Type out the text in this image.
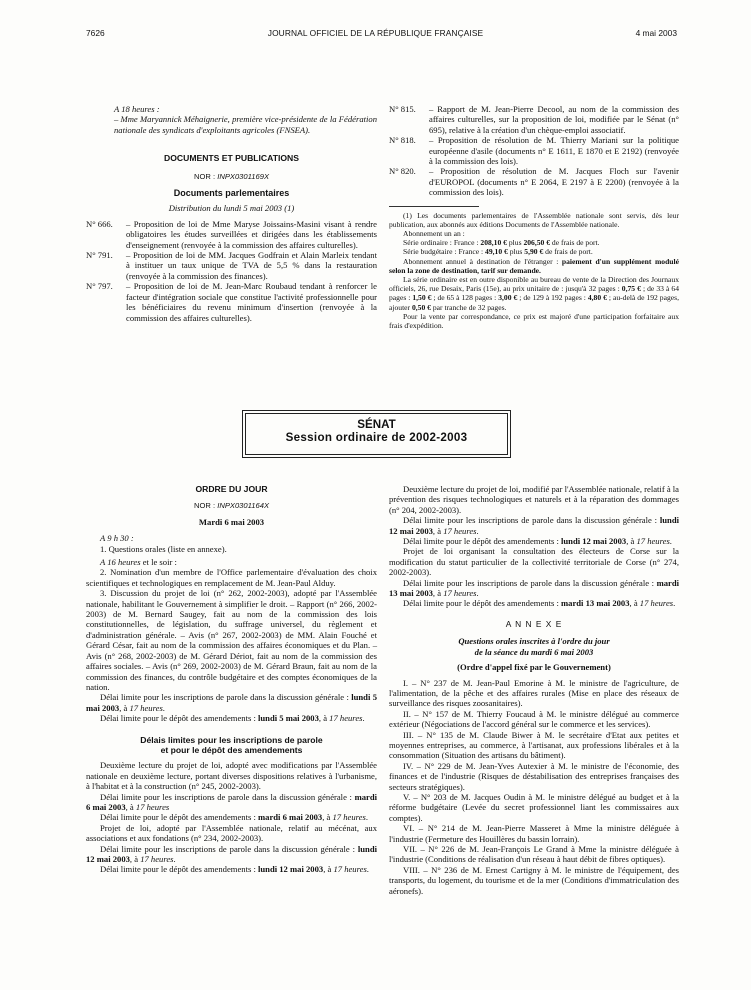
7626	JOURNAL OFFICIEL DE LA RÉPUBLIQUE FRANÇAISE	4 mai 2003

A 18 heures :

– Mme Maryannick Méhaignerie, première vice-présidente de la Fédération nationale des syndicats d'exploitants agricoles (FNSEA).

DOCUMENTS ET PUBLICATIONS

NOR : INPX0301169X

Documents parlementaires

Distribution du lundi 5 mai 2003 (1)

N° 666.	– Proposition de loi de Mme Maryse Joissains-Masini visant à rendre obligatoires les études surveillées et dirigées dans les établissements d'enseignement (renvoyée à la commission des affaires culturelles).
N° 791.	– Proposition de loi de MM. Jacques Godfrain et Alain Marleix tendant à instituer un taux unique de TVA de 5,5 % dans la restauration (renvoyée à la commission des finances).
N° 797.	– Proposition de loi de M. Jean-Marc Roubaud tendant à renforcer le facteur d'intégration sociale que constitue l'activité professionnelle pour les bénéficiaires du revenu minimum d'insertion (renvoyée à la commission des affaires culturelles).
N° 815.	– Rapport de M. Jean-Pierre Decool, au nom de la commission des affaires culturelles, sur la proposition de loi, modifiée par le Sénat (n° 695), relative à la création d'un chèque-emploi associatif.
N° 818.	– Proposition de résolution de M. Thierry Mariani sur la politique européenne d'asile (documents n° E 1611, E 1870 et E 2192) (renvoyée à la commission des lois).
N° 820.	– Proposition de résolution de M. Jacques Floch sur l'avenir d'EUROPOL (documents n° E 2064, E 2197 à E 2200) (renvoyée à la commission des lois).

(1) Les documents parlementaires de l'Assemblée nationale sont servis, dès leur publication, aux abonnés aux éditions Documents de l'Assemblée nationale.

Abonnement un an :

Série ordinaire : France : 208,10 € plus 206,50 € de frais de port.

Série budgétaire : France : 49,10 € plus 5,90 € de frais de port.

Abonnement annuel à destination de l'étranger : paiement d'un supplément modulé selon la zone de destination, tarif sur demande.

La série ordinaire est en outre disponible au bureau de vente de la Direction des Journaux officiels, 26, rue Desaix, Paris (15e), au prix unitaire de : jusqu'à 32 pages : 0,75 € ; de 33 à 64 pages : 1,50 € ; de 65 à 128 pages : 3,00 € ; de 129 à 192 pages : 4,80 € ; au-delà de 192 pages, ajouter 0,50 € par tranche de 32 pages.

Pour la vente par correspondance, ce prix est majoré d'une participation forfaitaire aux frais d'expédition.

SÉNAT
Session ordinaire de 2002-2003

ORDRE DU JOUR

NOR : INPX0301164X

Mardi 6 mai 2003

A 9 h 30 :

1. Questions orales (liste en annexe).

A 16 heures et le soir :

2. Nomination d'un membre de l'Office parlementaire d'évaluation des choix scientifiques et technologiques en remplacement de M. Jean-Paul Alduy.

3. Discussion du projet de loi (n° 262, 2002-2003), adopté par l'Assemblée nationale, habilitant le Gouvernement à simplifier le droit. – Rapport (n° 266, 2002-2003) de M. Bernard Saugey, fait au nom de la commission des lois constitutionnelles, de législation, du suffrage universel, du règlement et d'administration générale. – Avis (n° 267, 2002-2003) de MM. Alain Fouché et Gérard César, fait au nom de la commission des affaires économiques et du Plan. – Avis (n° 268, 2002-2003) de M. Gérard Dériot, fait au nom de la commission des affaires sociales. – Avis (n° 269, 2002-2003) de M. Gérard Braun, fait au nom de la commission des finances, du contrôle budgétaire et des comptes économiques de la nation.

Délai limite pour les inscriptions de parole dans la discussion générale : lundi 5 mai 2003, à 17 heures.

Délai limite pour le dépôt des amendements : lundi 5 mai 2003, à 17 heures.

Délais limites pour les inscriptions de parole
et pour le dépôt des amendements

Deuxième lecture du projet de loi, adopté avec modifications par l'Assemblée nationale en deuxième lecture, portant diverses dispositions relatives à l'urbanisme, à l'habitat et à la construction (n° 245, 2002-2003).

Délai limite pour les inscriptions de parole dans la discussion générale : mardi 6 mai 2003, à 17 heures

Délai limite pour le dépôt des amendements : mardi 6 mai 2003, à 17 heures.

Projet de loi, adopté par l'Assemblée nationale, relatif au mécénat, aux associations et aux fondations (n° 234, 2002-2003).

Délai limite pour les inscriptions de parole dans la discussion générale : lundi 12 mai 2003, à 17 heures.

Délai limite pour le dépôt des amendements : lundi 12 mai 2003, à 17 heures.

Deuxième lecture du projet de loi, modifié par l'Assemblée nationale, relatif à la prévention des risques technologiques et naturels et à la réparation des dommages (n° 204, 2002-2003).

Délai limite pour les inscriptions de parole dans la discussion générale : lundi 12 mai 2003, à 17 heures.

Délai limite pour le dépôt des amendements : lundi 12 mai 2003, à 17 heures.

Projet de loi organisant la consultation des électeurs de Corse sur la modification du statut particulier de la collectivité territoriale de Corse (n° 274, 2002-2003).

Délai limite pour les inscriptions de parole dans la discussion générale : mardi 13 mai 2003, à 17 heures.

Délai limite pour le dépôt des amendements : mardi 13 mai 2003, à 17 heures.

A N N E X E

Questions orales inscrites à l'ordre du jour
de la séance du mardi 6 mai 2003

(Ordre d'appel fixé par le Gouvernement)

I. – N° 237 de M. Jean-Paul Emorine à M. le ministre de l'agriculture, de l'alimentation, de la pêche et des affaires rurales (Mise en place des réseaux de surveillance des risques zoosanitaires).

II. – N° 157 de M. Thierry Foucaud à M. le ministre délégué au commerce extérieur (Négociations de l'accord général sur le commerce et les services).

III. – N° 135 de M. Claude Biwer à M. le secrétaire d'Etat aux petites et moyennes entreprises, au commerce, à l'artisanat, aux professions libérales et à la consommation (Situation des artisans du bâtiment).

IV. – N° 229 de M. Jean-Yves Autexier à M. le ministre de l'économie, des finances et de l'industrie (Risques de déstabilisation des entreprises françaises des secteurs stratégiques).

V. – N° 203 de M. Jacques Oudin à M. le ministre délégué au budget et à la réforme budgétaire (Levée du secret professionnel liant les commissaires aux comptes).

VI. – N° 214 de M. Jean-Pierre Masseret à Mme la ministre déléguée à l'industrie (Fermeture des Houillères du bassin lorrain).

VII. – N° 226 de M. Jean-François Le Grand à Mme la ministre déléguée à l'industrie (Conditions de réalisation d'un réseau à haut débit de fibres optiques).

VIII. – N° 236 de M. Ernest Cartigny à M. le ministre de l'équipement, des transports, du logement, du tourisme et de la mer (Conditions d'immatriculation des aéronefs).
